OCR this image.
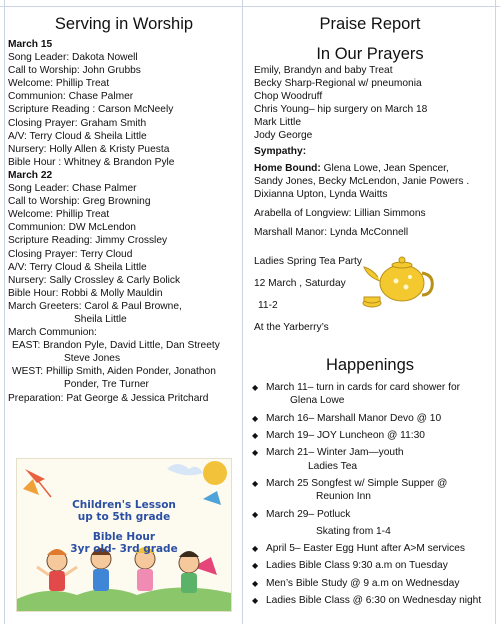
Serving in Worship
March 15
Song Leader: Dakota Nowell
Call to Worship: John Grubbs
Welcome: Phillip Treat
Communion: Chase Palmer
Scripture Reading : Carson McNeely
Closing Prayer: Graham Smith
A/V: Terry Cloud & Sheila Little
Nursery: Holly Allen & Kristy Puesta
Bible Hour : Whitney & Brandon Pyle
March 22
Song Leader: Chase Palmer
Call to Worship: Greg Browning
Welcome: Phillip Treat
Communion: DW McLendon
Scripture Reading: Jimmy Crossley
Closing Prayer: Terry Cloud
A/V: Terry Cloud & Sheila Little
Nursery: Sally Crossley & Carly Bolick
Bible Hour: Robbi & Molly Mauldin
March Greeters: Carol & Paul Browne,
Sheila Little
March Communion:
EAST: Brandon Pyle, David Little, Dan Streety
Steve Jones
WEST: Phillip Smith, Aiden Ponder, Jonathon
Ponder, Tre Turner
Preparation: Pat George & Jessica Pritchard
Children's Lesson
up to 5th grade
Bible Hour
3yr old- 3rd grade
Praise Report
In Our Prayers
Emily, Brandyn and baby Treat
Becky Sharp-Regional w/ pneumonia
Chop Woodruff
Chris Young– hip surgery on March 18
Mark Little
Jody George
Sympathy:
Home Bound: Glena Lowe, Jean Spencer,
Sandy Jones, Becky McLendon, Janie Powers .
Dixianna Upton, Lynda Waitts
Arabella of Longview: Lillian Simmons
Marshall Manor: Lynda McConnell
Ladies Spring Tea Party
12 March , Saturday
11-2
At the Yarberry’s
Happenings
◆ March 11– turn in cards for card shower for
Glena Lowe
◆ March 16– Marshall Manor Devo @ 10
◆ March 19– JOY Luncheon @ 11:30
◆ March 21– Winter Jam—youth
Ladies Tea
◆ March 25 Songfest w/ Simple Supper @
Reunion Inn
◆ March 29– Potluck
Skating from 1-4
◆ April 5– Easter Egg Hunt after A>M services
◆ Ladies Bible Class 9:30 a.m on Tuesday
◆ Men’s Bible Study @ 9 a.m on Wednesday
◆ Ladies Bible Class @ 6:30 on Wednesday night
